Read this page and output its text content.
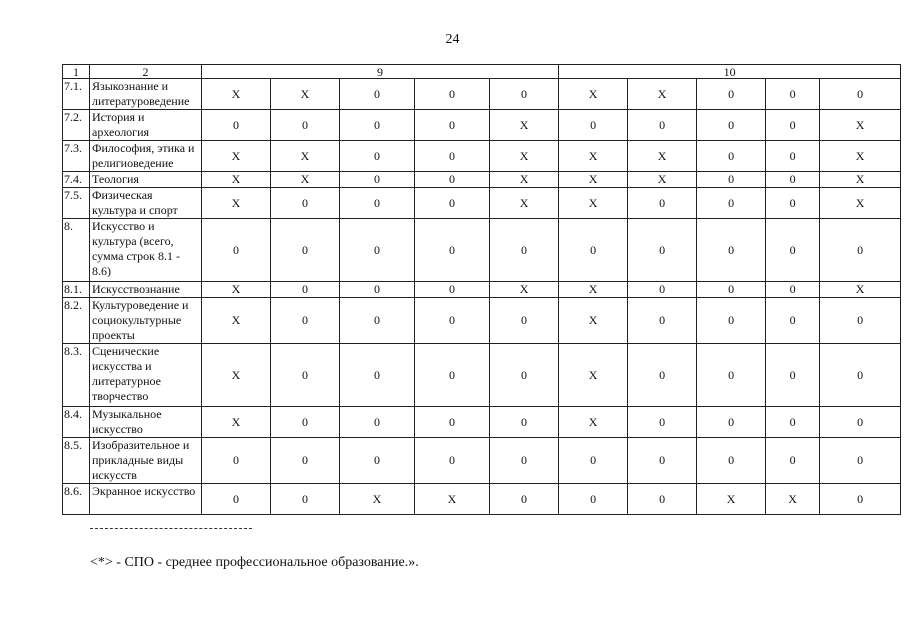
24
1	2	9					10				
7.1.	Языкознание и литературоведение	X	X	0	0	0	X	X	0	0	0
7.2.	История и археология	0	0	0	0	X	0	0	0	0	X
7.3.	Философия, этика и религиоведение	X	X	0	0	X	X	X	0	0	X
7.4.	Теология	X	X	0	0	X	X	X	0	0	X
7.5.	Физическая культура и спорт	X	0	0	0	X	X	0	0	0	X
8.	Искусство и культура (всего, сумма строк 8.1 - 8.6)	0	0	0	0	0	0	0	0	0	0
8.1.	Искусствознание	X	0	0	0	X	X	0	0	0	X
8.2.	Культуроведение и социокультурные проекты	X	0	0	0	0	X	0	0	0	0
8.3.	Сценические искусства и литературное творчество	X	0	0	0	0	X	0	0	0	0
8.4.	Музыкальное искусство	X	0	0	0	0	X	0	0	0	0
8.5.	Изобразительное и прикладные виды искусств	0	0	0	0	0	0	0	0	0	0
8.6.	Экранное искусство	0	0	X	X	0	0	0	X	X	0
<*> - СПО - среднее профессиональное образование.».
